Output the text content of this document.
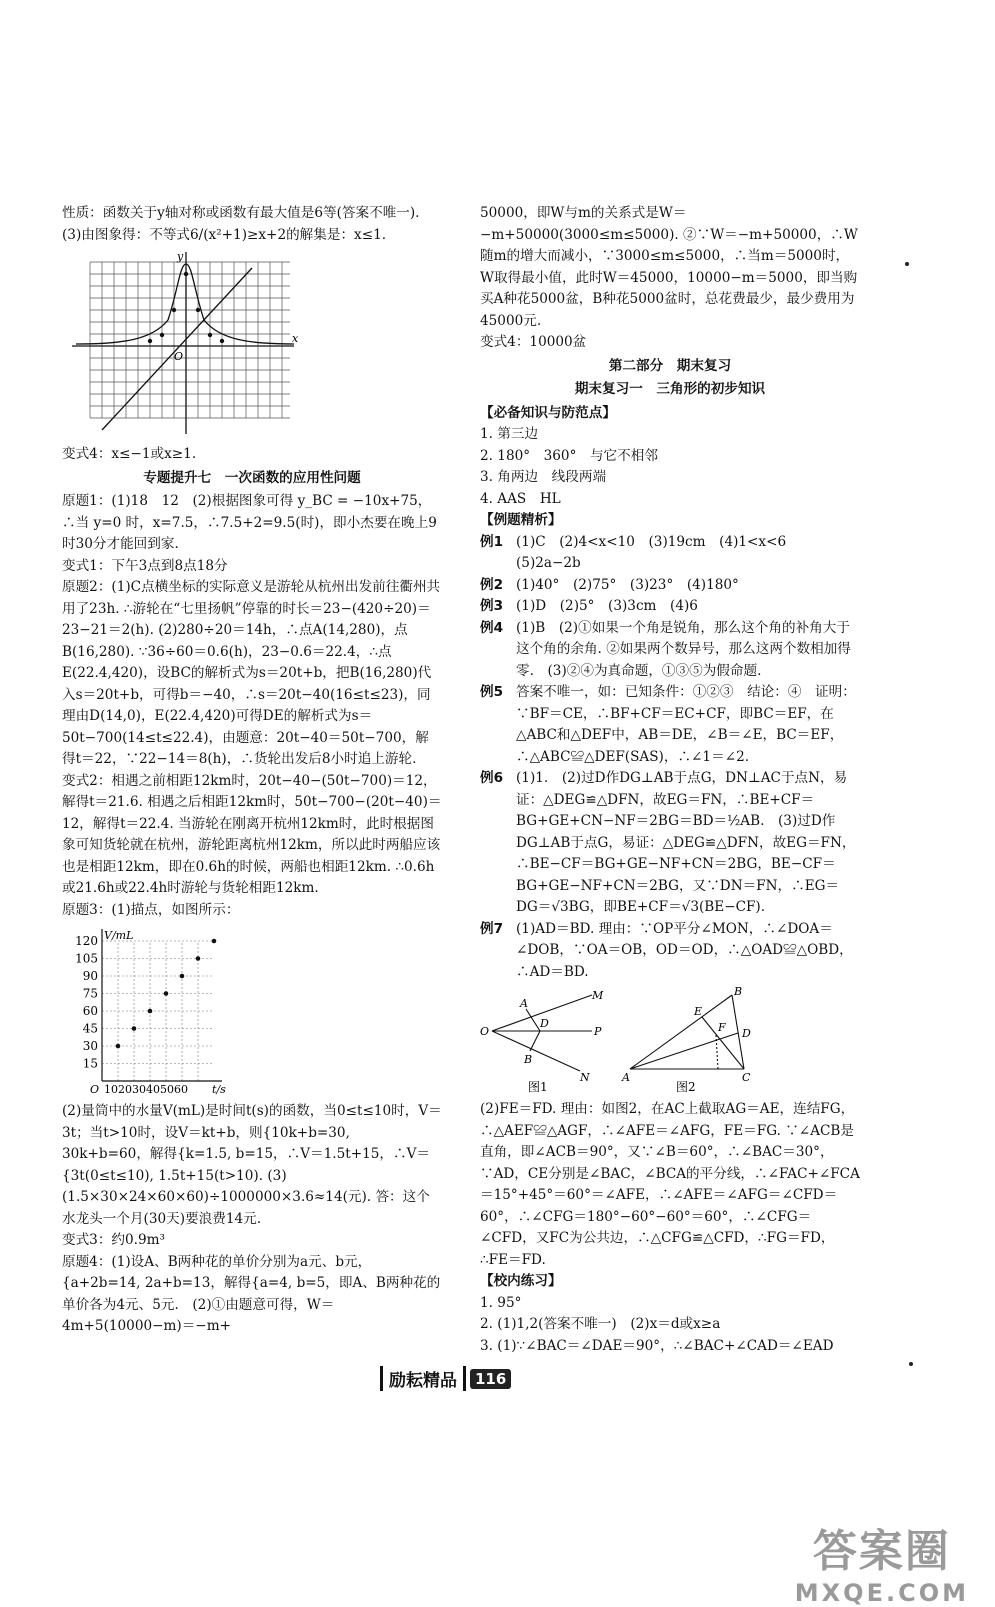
性质：函数关于y轴对称或函数有最大值是6等(答案不唯一). (3)由图象得：不等式6/(x²+1)≥x+2的解集是：x≤1.

x
y
O

变式4：x≤−1或x≥1.

专题提升七　一次函数的应用性问题

原题1：(1)18　12　(2)根据图象可得 y_BC = −10x+75，∴当 y=0 时，x=7.5，∴7.5+2=9.5(时)，即小杰要在晚上9时30分才能回到家.

变式1：下午3点到8点18分

原题2：(1)C点横坐标的实际意义是游轮从杭州出发前往衢州共用了23h. ∴游轮在“七里扬帆”停靠的时长＝23−(420÷20)＝23−21＝2(h). (2)280÷20＝14h，∴点A(14,280)，点B(16,280). ∵36÷60＝0.6(h)，23−0.6＝22.4，∴点E(22.4,420)，设BC的解析式为s＝20t+b，把B(16,280)代入s＝20t+b，可得b＝−40，∴s＝20t−40(16≤t≤23)，同理由D(14,0)，E(22.4,420)可得DE的解析式为s＝50t−700(14≤t≤22.4)，由题意：20t−40＝50t−700，解得t＝22，∵22−14＝8(h)，∴货轮出发后8小时追上游轮.

变式2：相遇之前相距12km时，20t−40−(50t−700)＝12，解得t＝21.6. 相遇之后相距12km时，50t−700−(20t−40)＝12，解得t＝22.4. 当游轮在刚离开杭州12km时，此时根据图象可知货轮就在杭州，游轮距离杭州12km，所以此时两船应该也是相距12km，即在0.6h的时候，两船也相距12km. ∴0.6h或21.6h或22.4h时游轮与货轮相距12km.

原题3：(1)描点，如图所示：

15
30
45
60
75
90
105
120 V/mL
O 102030405060 t/s

(2)量筒中的水量V(mL)是时间t(s)的函数，当0≤t≤10时，V＝3t；当t>10时，设V＝kt+b，则{10k+b=30, 30k+b=60，解得{k=1.5, b=15，∴V＝1.5t+15，∴V＝{3t(0≤t≤10), 1.5t+15(t>10). (3)(1.5×30×24×60×60)÷1000000×3.6≈14(元). 答：这个水龙头一个月(30天)要浪费14元.

变式3：约0.9m³

原题4：(1)设A、B两种花的单价分别为a元、b元，{a+2b=14, 2a+b=13，解得{a=4, b=5，即A、B两种花的单价各为4元、5元.　(2)①由题意可得，W＝4m+5(10000−m)＝−m+

50000，即W与m的关系式是W＝−m+50000(3000≤m≤5000). ②∵W＝−m+50000，∴W随m的增大而减小，∵3000≤m≤5000，∴当m＝5000时，W取得最小值，此时W＝45000，10000−m＝5000，即当购买A种花5000盆，B种花5000盆时，总花费最少，最少费用为45000元.

变式4：10000盆

第二部分　期末复习

期末复习一　三角形的初步知识

【必备知识与防范点】

1. 第三边

2. 180°　360°　与它不相邻

3. 角两边　线段两端

4. AAS　HL

【例题精析】

例1 (1)C　(2)4<x<10　(3)19cm　(4)1<x<6　(5)2a−2b
例2 (1)40°　(2)75°　(3)23°　(4)180°
例3 (1)D　(2)5°　(3)3cm　(4)6
例4 (1)B　(2)①如果一个角是锐角，那么这个角的补角大于这个角的余角. ②如果两个数异号，那么这两个数相加得零.　(3)②④为真命题，①③⑤为假命题.
例5 答案不唯一，如：已知条件：①②③　结论：④　证明：∵BF＝CE，∴BF+CF＝EC+CF，即BC＝EF，在△ABC和△DEF中，AB＝DE，∠B＝∠E，BC＝EF，∴△ABC≌△DEF(SAS)，∴∠1＝∠2.
例6 (1)1.　(2)过D作DG⊥AB于点G，DN⊥AC于点N，易证：△DEG≌△DFN，故EG＝FN，∴BE+CF＝BG+GE+CN−NF＝2BG＝BD＝½AB.　(3)过D作DG⊥AB于点G，易证：△DEG≌△DFN，故EG＝FN，∴BE−CF＝BG+GE−NF+CN＝2BG，BE−CF＝BG+GE−NF+CN＝2BG，又∵DN＝FN，∴EG＝DG＝√3BG，即BE+CF＝√3(BE−CF).
例7 (1)AD＝BD. 理由：∵OP平分∠MON，∴∠DOA＝∠DOB，∵OA＝OB，OD＝OD，∴△OAD≌△OBD，∴AD＝BD.
O
A
M
D
P
B
N	A
B
C
D
E
F
图1	图2

(2)FE＝FD. 理由：如图2，在AC上截取AG＝AE，连结FG，∴△AEF≌△AGF，∴∠AFE＝∠AFG，FE＝FG. ∵∠ACB是直角，即∠ACB＝90°，又∵∠B＝60°，∴∠BAC＝30°，∵AD，CE分别是∠BAC，∠BCA的平分线，∴∠FAC+∠FCA＝15°+45°＝60°＝∠AFE，∴∠AFE＝∠AFG＝∠CFD＝60°，∴∠CFG＝180°−60°−60°＝60°，∴∠CFG＝∠CFD，又FC为公共边，∴△CFG≌△CFD，∴FG＝FD，∴FE＝FD.

【校内练习】

1. 95°

2. (1)1,2(答案不唯一)　(2)x＝d或x≥a

3. (1)∵∠BAC＝∠DAE＝90°，∴∠BAC+∠CAD＝∠EAD

励耘精品	116
答案圈
MXQE.COM
